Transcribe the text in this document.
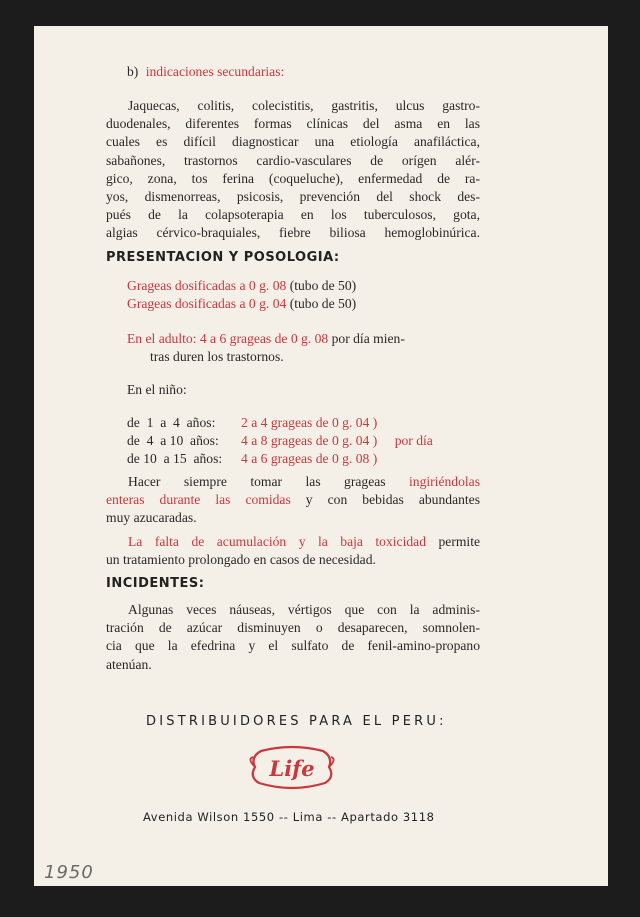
b) indicaciones secundarias:
Jaquecas, colitis, colecistitis, gastritis, ulcus gastro-
duodenales, diferentes formas clínicas del asma en las
cuales es difícil diagnosticar una etiología anafiláctica,
sabañones, trastornos cardio-vasculares de orígen alér-
gico, zona, tos ferina (coqueluche), enfermedad de ra-
yos, dismenorreas, psicosis, prevención del shock des-
pués de la colapsoterapia en los tuberculosos, gota,
algias cérvico-braquiales, fiebre biliosa hemoglobinúrica.
PRESENTACION Y POSOLOGIA:
Grageas dosificadas a 0 g. 08 (tubo de 50)
Grageas dosificadas a 0 g. 04 (tubo de 50)
En el adulto: 4 a 6 grageas de 0 g. 08 por día mien-
tras duren los trastornos.
En el niño:
de  1  a  4  años: 2 a 4 grageas de 0 g. 04 )
de  4  a 10  años: 4 a 8 grageas de 0 g. 04 ) por día
de 10  a 15  años: 4 a 6 grageas de 0 g. 08 )
Hacer siempre tomar las grageas ingiriéndolas
enteras durante las comidas y con bebidas abundantes
muy azucaradas.
La falta de acumulación y la baja toxicidad permite
un tratamiento prolongado en casos de necesidad.
INCIDENTES:
Algunas veces náuseas, vértigos que con la adminis-
tración de azúcar disminuyen o desaparecen, somnolen-
cia que la efedrina y el sulfato de fenil-amino-propano
atenúan.
DISTRIBUIDORES PARA EL PERU:
Life
Avenida Wilson 1550 -- Lima -- Apartado 3118
1950
